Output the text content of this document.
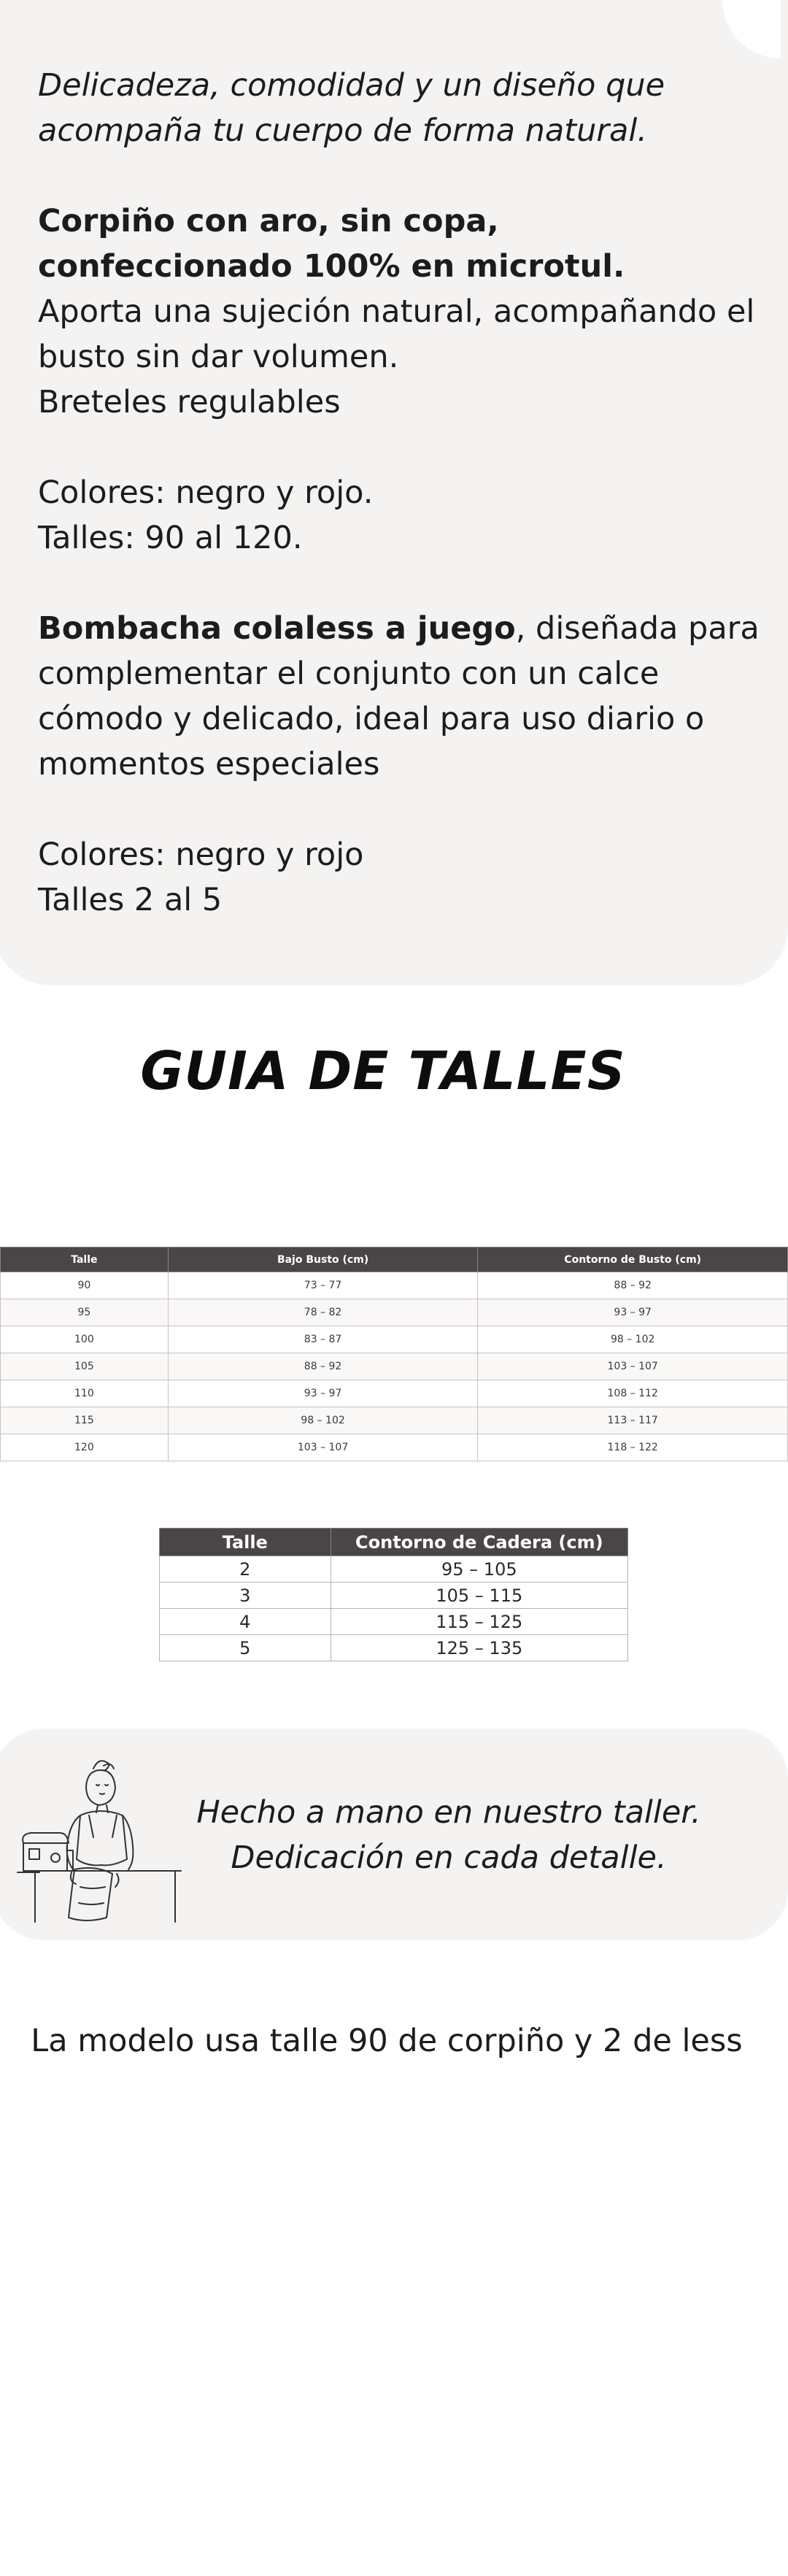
Delicadeza, comodidad y un diseño que acompaña tu cuerpo de forma natural.

Corpiño con aro, sin copa, confeccionado 100% en microtul.

Aporta una sujeción natural, acompañando el busto sin dar volumen.

Breteles regulables

Colores: negro y rojo.

Talles: 90 al 120.

Bombacha colaless a juego, diseñada para complementar el conjunto con un calce cómodo y delicado, ideal para uso diario o momentos especiales

Colores: negro y rojo

Talles 2 al 5

GUIA DE TALLES
Talle	Bajo Busto (cm)	Contorno de Busto (cm)
90	73 – 77	88 – 92
95	78 – 82	93 – 97
100	83 – 87	98 – 102
105	88 – 92	103 – 107
110	93 – 97	108 – 112
115	98 – 102	113 – 117
120	103 – 107	118 – 122
Talle	Contorno de Cadera (cm)
2	95 – 105
3	105 – 115
4	115 – 125
5	125 – 135

Hecho a mano en nuestro taller.

Dedicación en cada detalle.

La modelo usa talle 90 de corpiño y 2 de less
